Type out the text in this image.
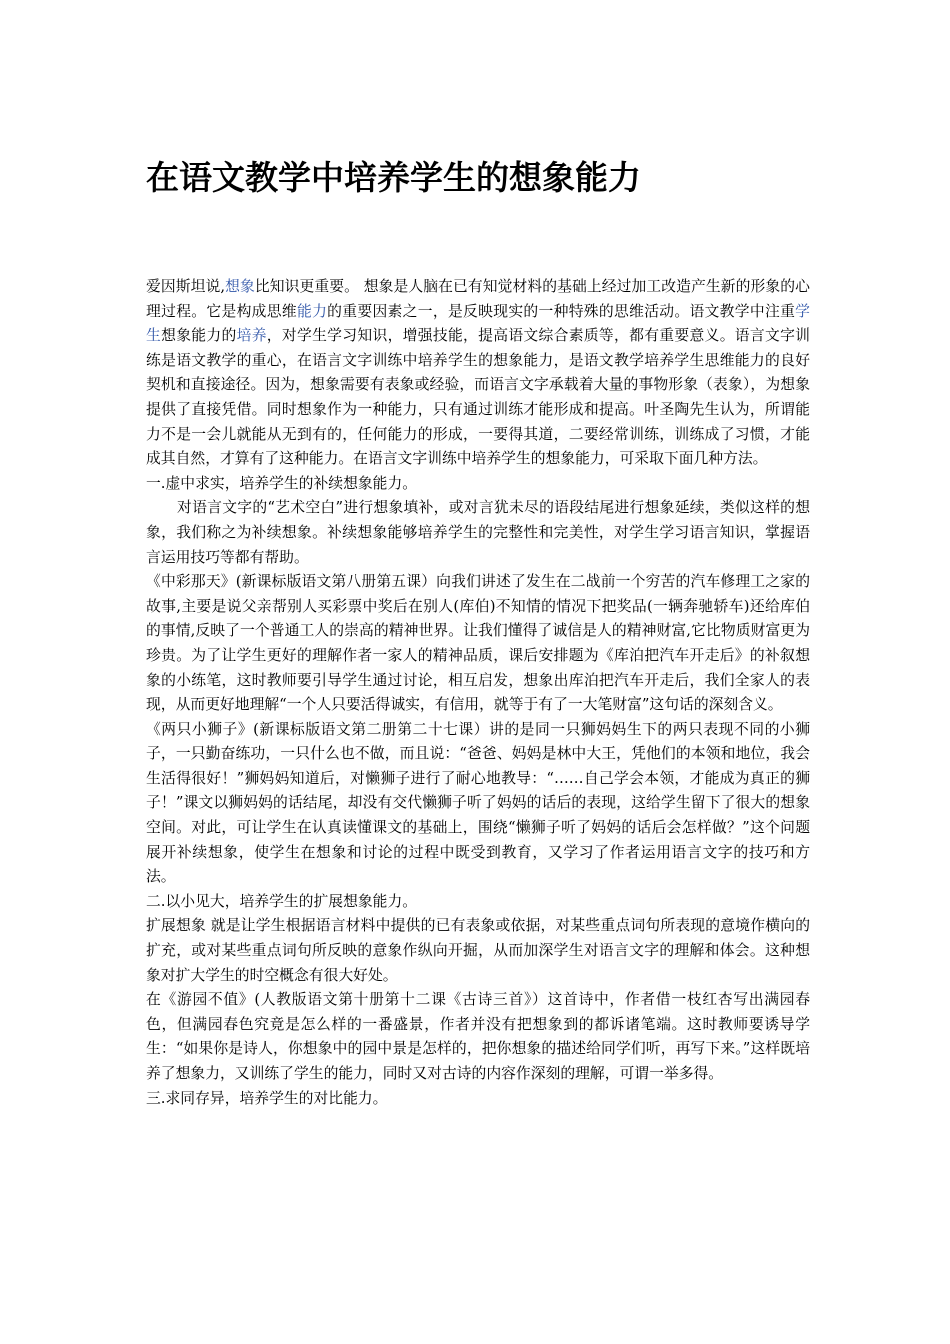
在语文教学中培养学生的想象能力

爱因斯坦说,想象比知识更重要。 想象是人脑在已有知觉材料的基础上经过加工改造产生新的形象的心理过程。它是构成思维能力的重要因素之一，是反映现实的一种特殊的思维活动。语文教学中注重学生想象能力的培养，对学生学习知识，增强技能，提高语文综合素质等，都有重要意义。语言文字训练是语文教学的重心，在语言文字训练中培养学生的想象能力，是语文教学培养学生思维能力的良好契机和直接途径。因为，想象需要有表象或经验，而语言文字承载着大量的事物形象（表象），为想象提供了直接凭借。同时想象作为一种能力，只有通过训练才能形成和提高。叶圣陶先生认为，所谓能力不是一会儿就能从无到有的，任何能力的形成，一要得其道，二要经常训练，训练成了习惯，才能成其自然，才算有了这种能力。在语言文字训练中培养学生的想象能力，可采取下面几种方法。

一.虚中求实，培养学生的补续想象能力。

对语言文字的“艺术空白”进行想象填补，或对言犹未尽的语段结尾进行想象延续，类似这样的想象，我们称之为补续想象。补续想象能够培养学生的完整性和完美性，对学生学习语言知识，掌握语言运用技巧等都有帮助。

《中彩那天》(新课标版语文第八册第五课）向我们讲述了发生在二战前一个穷苦的汽车修理工之家的故事,主要是说父亲帮别人买彩票中奖后在别人(库伯)不知情的情况下把奖品(一辆奔驰轿车)还给库伯的事情,反映了一个普通工人的崇高的精神世界。让我们懂得了诚信是人的精神财富,它比物质财富更为珍贵。为了让学生更好的理解作者一家人的精神品质，课后安排题为《库泊把汽车开走后》的补叙想象的小练笔，这时教师要引导学生通过讨论，相互启发，想象出库泊把汽车开走后，我们全家人的表现，从而更好地理解“一个人只要活得诚实，有信用，就等于有了一大笔财富”这句话的深刻含义。

《两只小狮子》(新课标版语文第二册第二十七课）讲的是同一只狮妈妈生下的两只表现不同的小狮子，一只勤奋练功，一只什么也不做，而且说：“爸爸、妈妈是林中大王，凭他们的本领和地位，我会生活得很好！”狮妈妈知道后，对懒狮子进行了耐心地教导：“……自己学会本领，才能成为真正的狮子！”课文以狮妈妈的话结尾，却没有交代懒狮子听了妈妈的话后的表现，这给学生留下了很大的想象空间。对此，可让学生在认真读懂课文的基础上，围绕“懒狮子听了妈妈的话后会怎样做？”这个问题展开补续想象，使学生在想象和讨论的过程中既受到教育，又学习了作者运用语言文字的技巧和方法。

二.以小见大，培养学生的扩展想象能力。

扩展想象 就是让学生根据语言材料中提供的已有表象或依据，对某些重点词句所表现的意境作横向的扩充，或对某些重点词句所反映的意象作纵向开掘，从而加深学生对语言文字的理解和体会。这种想象对扩大学生的时空概念有很大好处。

在《游园不值》(人教版语文第十册第十二课《古诗三首》）这首诗中，作者借一枝红杏写出满园春色，但满园春色究竟是怎么样的一番盛景，作者并没有把想象到的都诉诸笔端。这时教师要诱导学生：“如果你是诗人，你想象中的园中景是怎样的，把你想象的描述给同学们听，再写下来。”这样既培养了想象力，又训练了学生的能力，同时又对古诗的内容作深刻的理解，可谓一举多得。

三.求同存异，培养学生的对比能力。
